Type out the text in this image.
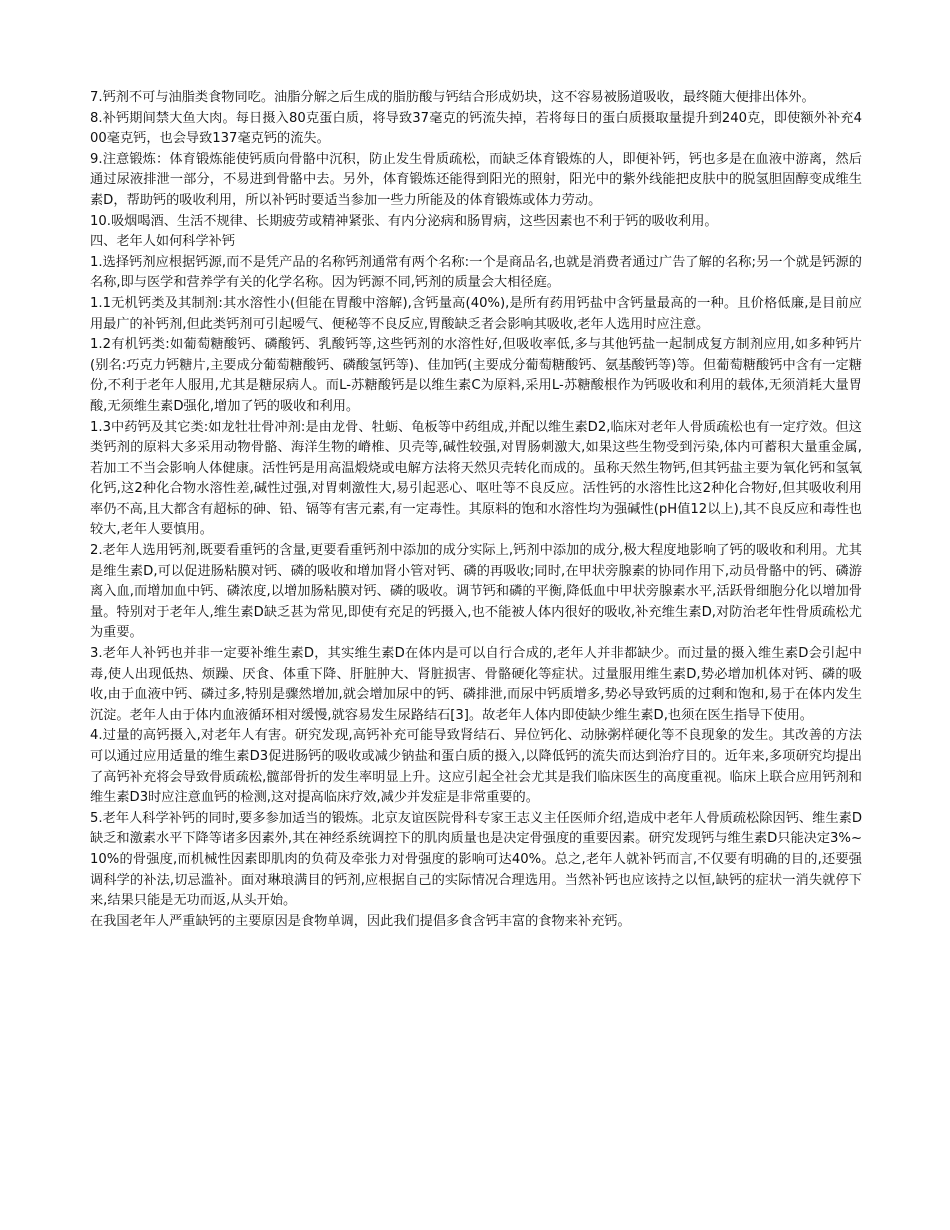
7.钙剂不可与油脂类食物同吃。油脂分解之后生成的脂肪酸与钙结合形成奶块，这不容易被肠道吸收，最终随大便排出体外。

8.补钙期间禁大鱼大肉。每日摄入80克蛋白质，将导致37毫克的钙流失掉，若将每日的蛋白质摄取量提升到240克，即使额外补充400毫克钙，也会导致137毫克钙的流失。

9.注意锻炼：体育锻炼能使钙质向骨骼中沉积，防止发生骨质疏松，而缺乏体育锻炼的人，即便补钙，钙也多是在血液中游离，然后通过尿液排泄一部分，不易进到骨骼中去。另外，体育锻炼还能得到阳光的照射，阳光中的紫外线能把皮肤中的脱氢胆固醇变成维生素D，帮助钙的吸收利用，所以补钙时要适当参加一些力所能及的体育锻炼或体力劳动。

10.吸烟喝酒、生活不规律、长期疲劳或精神紧张、有内分泌病和肠胃病，这些因素也不利于钙的吸收利用。

四、老年人如何科学补钙

1.选择钙剂应根据钙源,而不是凭产品的名称钙剂通常有两个名称:一个是商品名,也就是消费者通过广告了解的名称;另一个就是钙源的名称,即与医学和营养学有关的化学名称。因为钙源不同,钙剂的质量会大相径庭。

1.1无机钙类及其制剂:其水溶性小(但能在胃酸中溶解),含钙量高(40%),是所有药用钙盐中含钙量最高的一种。且价格低廉,是目前应用最广的补钙剂,但此类钙剂可引起嗳气、便秘等不良反应,胃酸缺乏者会影响其吸收,老年人选用时应注意。

1.2有机钙类:如葡萄糖酸钙、磷酸钙、乳酸钙等,这些钙剂的水溶性好,但吸收率低,多与其他钙盐一起制成复方制剂应用,如多种钙片(别名:巧克力钙糖片,主要成分葡萄糖酸钙、磷酸氢钙等)、佳加钙(主要成分葡萄糖酸钙、氨基酸钙等)等。但葡萄糖酸钙中含有一定糖份,不利于老年人服用,尤其是糖尿病人。而L-苏糖酸钙是以维生素C为原料,采用L-苏糖酸根作为钙吸收和利用的载体,无须消耗大量胃酸,无须维生素D强化,增加了钙的吸收和利用。

1.3中药钙及其它类:如龙牡壮骨冲剂:是由龙骨、牡蛎、龟板等中药组成,并配以维生素D2,临床对老年人骨质疏松也有一定疗效。但这类钙剂的原料大多采用动物骨骼、海洋生物的嵴椎、贝壳等,碱性较强,对胃肠刺激大,如果这些生物受到污染,体内可蓄积大量重金属,若加工不当会影响人体健康。活性钙是用高温煅烧或电解方法将天然贝壳转化而成的。虽称天然生物钙,但其钙盐主要为氧化钙和氢氧化钙,这2种化合物水溶性差,碱性过强,对胃刺激性大,易引起恶心、呕吐等不良反应。活性钙的水溶性比这2种化合物好,但其吸收利用率仍不高,且大都含有超标的砷、铅、镉等有害元素,有一定毒性。其原料的饱和水溶性均为强碱性(pH值12以上),其不良反应和毒性也较大,老年人要慎用。

2.老年人选用钙剂,既要看重钙的含量,更要看重钙剂中添加的成分实际上,钙剂中添加的成分,极大程度地影响了钙的吸收和利用。尤其是维生素D,可以促进肠粘膜对钙、磷的吸收和增加肾小管对钙、磷的再吸收;同时,在甲状旁腺素的协同作用下,动员骨骼中的钙、磷游离入血,而增加血中钙、磷浓度,以增加肠粘膜对钙、磷的吸收。调节钙和磷的平衡,降低血中甲状旁腺素水平,活跃骨细胞分化以增加骨量。特别对于老年人,维生素D缺乏甚为常见,即使有充足的钙摄入,也不能被人体内很好的吸收,补充维生素D,对防治老年性骨质疏松尤为重要。

3.老年人补钙也并非一定要补维生素D，其实维生素D在体内是可以自行合成的,老年人并非都缺少。而过量的摄入维生素D会引起中毒,使人出现低热、烦躁、厌食、体重下降、肝脏肿大、肾脏损害、骨骼硬化等症状。过量服用维生素D,势必增加机体对钙、磷的吸收,由于血液中钙、磷过多,特别是骤然增加,就会增加尿中的钙、磷排泄,而尿中钙质增多,势必导致钙质的过剩和饱和,易于在体内发生沉淀。老年人由于体内血液循环相对缓慢,就容易发生尿路结石[3]。故老年人体内即使缺少维生素D,也须在医生指导下使用。

4.过量的高钙摄入,对老年人有害。研究发现,高钙补充可能导致肾结石、异位钙化、动脉粥样硬化等不良现象的发生。其改善的方法可以通过应用适量的维生素D3促进肠钙的吸收或减少钠盐和蛋白质的摄入,以降低钙的流失而达到治疗目的。近年来,多项研究均提出了高钙补充将会导致骨质疏松,髋部骨折的发生率明显上升。这应引起全社会尤其是我们临床医生的高度重视。临床上联合应用钙剂和维生素D3时应注意血钙的检测,这对提高临床疗效,减少并发症是非常重要的。

5.老年人科学补钙的同时,要多参加适当的锻炼。北京友谊医院骨科专家王志义主任医师介绍,造成中老年人骨质疏松除因钙、维生素D缺乏和激素水平下降等诸多因素外,其在神经系统调控下的肌肉质量也是决定骨强度的重要因素。研究发现钙与维生素D只能决定3%~10%的骨强度,而机械性因素即肌肉的负荷及牵张力对骨强度的影响可达40%。总之,老年人就补钙而言,不仅要有明确的目的,还要强调科学的补法,切忌滥补。面对琳琅满目的钙剂,应根据自己的实际情况合理选用。当然补钙也应该持之以恒,缺钙的症状一消失就停下来,结果只能是无功而返,从头开始。

在我国老年人严重缺钙的主要原因是食物单调，因此我们提倡多食含钙丰富的食物来补充钙。
